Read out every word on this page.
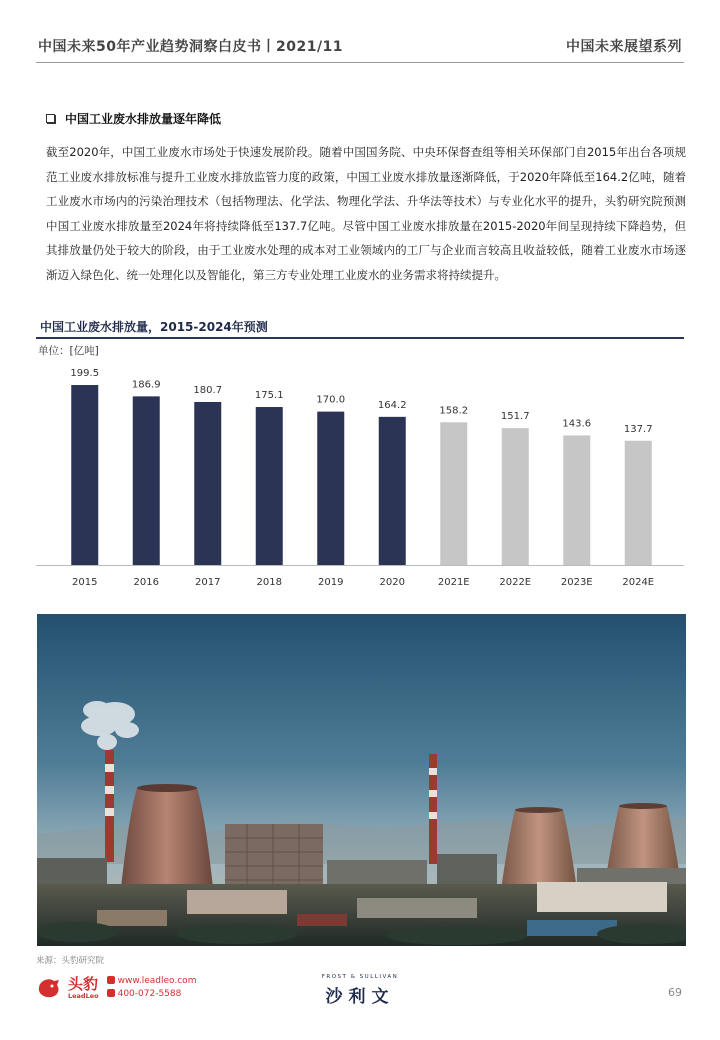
中国未来50年产业趋势洞察白皮书丨2021/11	中国未来展望系列
中国工业废水排放量逐年降低

截至2020年，中国工业废水市场处于快速发展阶段。随着中国国务院、中央环保督查组等相关环保部门自2015年出台各项规范工业废水排放标准与提升工业废水排放监管力度的政策，中国工业废水排放量逐渐降低，于2020年降低至164.2亿吨，随着工业废水市场内的污染治理技术（包括物理法、化学法、物理化学法、升华法等技术）与专业化水平的提升，头豹研究院预测中国工业废水排放量至2024年将持续降低至137.7亿吨。尽管中国工业废水排放量在2015-2020年间呈现持续下降趋势，但其排放量仍处于较大的阶段，由于工业废水处理的成本对工业领域内的工厂与企业而言较高且收益较低，随着工业废水市场逐渐迈入绿色化、统一处理化以及智能化，第三方专业处理工业废水的业务需求将持续提升。

中国工业废水排放量，2015-2024年预测
单位：[亿吨]
199.5
2015
186.9
2016
180.7
2017
175.1
2018
170.0
2019
164.2
2020
158.2
2021E
151.7
2022E
143.6
2023E
137.7
2024E
来源：头豹研究院
头豹
LeadLeo
www.leadleo.com
400-072-5588
FROST & SULLIVAN
沙利文	69
